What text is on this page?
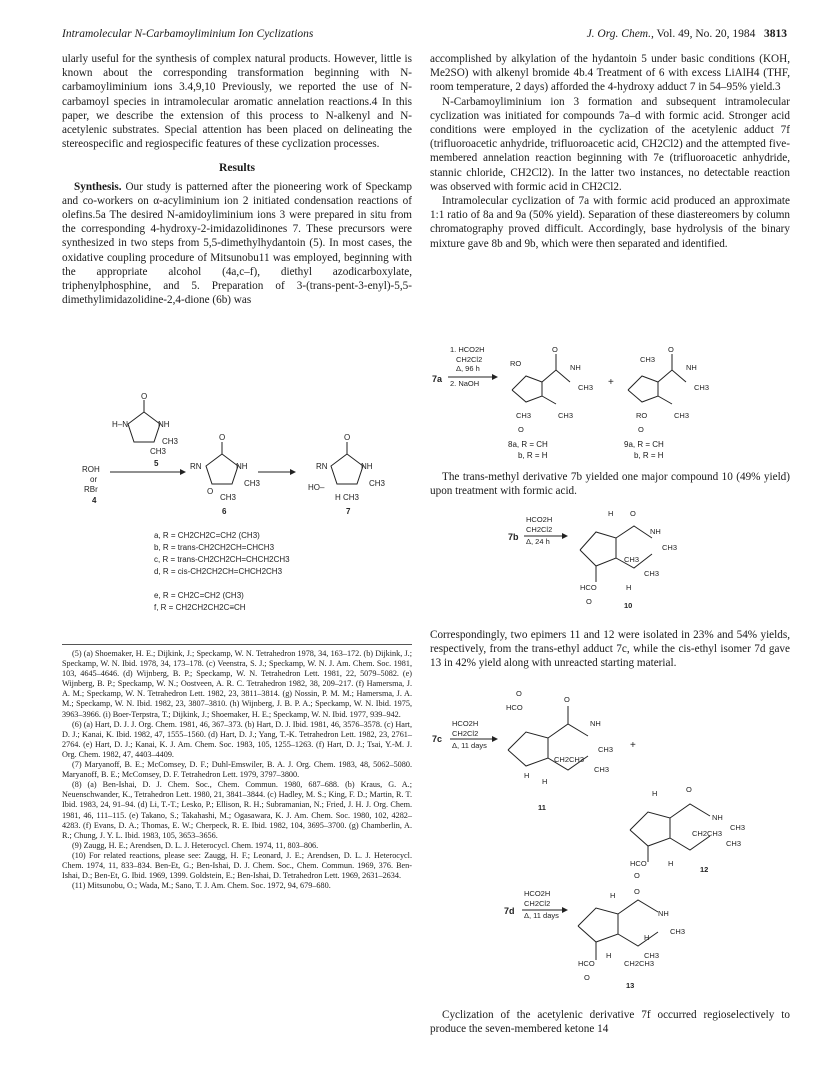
Intramolecular N-Carbamoyliminium Ion Cyclizations	J. Org. Chem., Vol. 49, No. 20, 1984 3813

ularly useful for the synthesis of complex natural products. However, little is known about the corresponding transformation beginning with N-carbamoyliminium ions 3.4,9,10 Previously, we reported the use of N-carbamoyl species in intramolecular aromatic annelation reactions.4 In this paper, we describe the extension of this process to N-alkenyl and N-acetylenic substrates. Special attention has been placed on delineating the stereospecific and regiospecific features of these cyclization processes.

Results

Synthesis. Our study is patterned after the pioneering work of Speckamp and co-workers on α-acyliminium ion 2 initiated condensation reactions of olefins.5a The desired N-amidoyliminium ions 3 were prepared in situ from the corresponding 4-hydroxy-2-imidazolidinones 7. These precursors were synthesized in two steps from 5,5-dimethylhydantoin (5). In most cases, the oxidative coupling procedure of Mitsunobu11 was employed, beginning with the appropriate alcohol (4a,c–f), diethyl azodicarboxylate, triphenylphosphine, and 5. Preparation of 3-(trans-pent-3-enyl)-5,5-dimethylimidazolidine-2,4-dione (6b) was

O
H–N	NH
CH3
CH3
5
ROH
or
RBr
4
O
RN	NH
CH3
CH3
O
6
O
RN	NH
CH3
HO–
H CH3
7
a, R = CH2CH2C=CH2 (CH3)
b, R = trans-CH2CH2CH=CHCH3
c, R = trans-CH2CH2CH=CHCH2CH3
d, R = cis-CH2CH2CH=CHCH2CH3
e, R = CH2C=CH2 (CH3)
f, R = CH2CH2CH2C≡CH

(5) (a) Shoemaker, H. E.; Dijkink, J.; Speckamp, W. N. Tetrahedron 1978, 34, 163–172. (b) Dijkink, J.; Speckamp, W. N. Ibid. 1978, 34, 173–178. (c) Veenstra, S. J.; Speckamp, W. N. J. Am. Chem. Soc. 1981, 103, 4645–4646. (d) Wijnberg, B. P.; Speckamp, W. N. Tetrahedron Lett. 1981, 22, 5079–5082. (e) Wijnberg, B. P.; Speckamp, W. N.; Oostveen, A. R. C. Tetrahedron 1982, 38, 209–217. (f) Hamersma, J. A. M.; Speckamp, W. N. Tetrahedron Lett. 1982, 23, 3811–3814. (g) Nossin, P. M. M.; Hamersma, J. A. M.; Speckamp, W. N. Ibid. 1982, 23, 3807–3810. (h) Wijnberg, J. B. P. A.; Speckamp, W. N. Ibid. 1975, 3963–3966. (i) Boer-Terpstra, T.; Dijkink, J.; Shoemaker, H. E.; Speckamp, W. N. Ibid. 1977, 939–942.

(6) (a) Hart, D. J. J. Org. Chem. 1981, 46, 367–373. (b) Hart, D. J. Ibid. 1981, 46, 3576–3578. (c) Hart, D. J.; Kanai, K. Ibid. 1982, 47, 1555–1560. (d) Hart, D. J.; Yang, T.-K. Tetrahedron Lett. 1982, 23, 2761–2764. (e) Hart, D. J.; Kanai, K. J. Am. Chem. Soc. 1983, 105, 1255–1263. (f) Hart, D. J.; Tsai, Y.-M. J. Org. Chem. 1982, 47, 4403–4409.

(7) Maryanoff, B. E.; McComsey, D. F.; Duhl-Emswiler, B. A. J. Org. Chem. 1983, 48, 5062–5080. Maryanoff, B. E.; McComsey, D. F. Tetrahedron Lett. 1979, 3797–3800.

(8) (a) Ben-Ishai, D. J. Chem. Soc., Chem. Commun. 1980, 687–688. (b) Kraus, G. A.; Neuenschwander, K., Tetrahedron Lett. 1980, 21, 3841–3844. (c) Hadley, M. S.; King, F. D.; Martin, R. T. Ibid. 1983, 24, 91–94. (d) Li, T.-T.; Lesko, P.; Ellison, R. H.; Subramanian, N.; Fried, J. H. J. Org. Chem. 1981, 46, 111–115. (e) Takano, S.; Takahashi, M.; Ogasawara, K. J. Am. Chem. Soc. 1980, 102, 4282–4283. (f) Evans, D. A.; Thomas, E. W.; Cherpeck, R. E. Ibid. 1982, 104, 3695–3700. (g) Chamberlin, A. R.; Chung, J. Y. L. Ibid. 1983, 105, 3653–3656.

(9) Zaugg, H. E.; Arendsen, D. L. J. Heterocycl. Chem. 1974, 11, 803–806.

(10) For related reactions, please see: Zaugg, H. F.; Leonard, J. E.; Arendsen, D. L. J. Heterocycl. Chem. 1974, 11, 833–834. Ben-Et, G.; Ben-Ishai, D. J. Chem. Soc., Chem. Commun. 1969, 376. Ben-Ishai, D.; Ben-Et, G. Ibid. 1969, 1399. Goldstein, E.; Ben-Ishai, D. Tetrahedron Lett. 1969, 2631–2634.

(11) Mitsunobu, O.; Wada, M.; Sano, T. J. Am. Chem. Soc. 1972, 94, 679–680.

accomplished by alkylation of the hydantoin 5 under basic conditions (KOH, Me2SO) with alkenyl bromide 4b.4 Treatment of 6 with excess LiAlH4 (THF, room temperature, 2 days) afforded the 4-hydroxy adduct 7 in 54–95% yield.3

N-Carbamoyliminium ion 3 formation and subsequent intramolecular cyclization was initiated for compounds 7a–d with formic acid. Stronger acid conditions were employed in the cyclization of the acetylenic adduct 7f (trifluoroacetic anhydride, trifluoroacetic acid, CH2Cl2) and the attempted five-membered annelation reaction beginning with 7e (trifluoroacetic anhydride, stannic chloride, CH2Cl2). In the latter two instances, no detectable reaction was observed with formic acid in CH2Cl2.

Intramolecular cyclization of 7a with formic acid produced an approximate 1:1 ratio of 8a and 9a (50% yield). Separation of these diastereomers by column chromatography proved difficult. Accordingly, base hydrolysis of the binary mixture gave 8b and 9b, which were then separated and identified.

1. HCO2H
CH2Cl2
Δ, 96 h
2. NaOH
7a
O
RO	NH
CH3
CH3	CH3
+
O
CH3
NH
CH3
RO	CH3
O	O
8a, R = CH
b, R = H
9a, R = CH
b, R = H

The trans-methyl derivative 7b yielded one major compound 10 (49% yield) upon treatment with formic acid.

HCO2H
CH2Cl2
Δ, 24 h
7b
H O
NH
CH3
CH3
CH3
HCO	H
O	10

Correspondingly, two epimers 11 and 12 were isolated in 23% and 54% yields, respectively, from the trans-ethyl adduct 7c, while the cis-ethyl isomer 7d gave 13 in 42% yield along with unreacted starting material.

HCO2H
CH2Cl2
Δ, 11 days
7c
HCO
O
NH
CH3
CH2CH3
CH3
H
H
O
+
11
H	O
NH
CH2CH3
CH3
CH3
HCO	H
O
12
HCO2H
CH2Cl2
Δ, 11 days
7d
H O
NH
CH3
H
CH3
CH2CH3
HCO
H
O
13

Cyclization of the acetylenic derivative 7f occurred regioselectively to produce the seven-membered ketone 14
